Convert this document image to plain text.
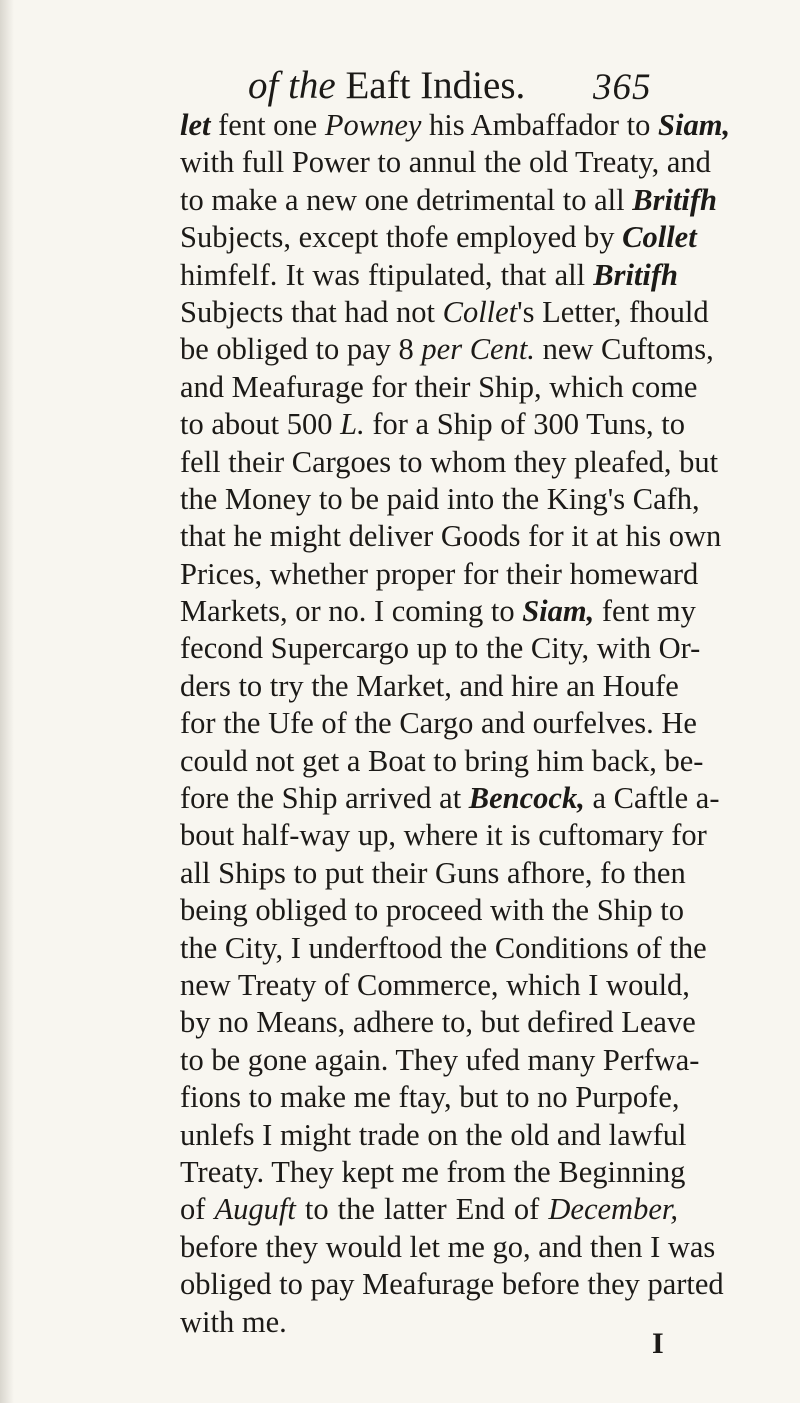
of the Eaft Indies.	365
let fent one Powney his Ambaffador to Siam,
with full Power to annul the old Treaty, and
to make a new one detrimental to all Britifh
Subjects, except thofe employed by Collet
himfelf. It was ftipulated, that all Britifh
Subjects that had not Collet's Letter, fhould
be obliged to pay 8 per Cent. new Cuftoms,
and Meafurage for their Ship, which come
to about 500 L. for a Ship of 300 Tuns, to
fell their Cargoes to whom they pleafed, but
the Money to be paid into the King's Cafh,
that he might deliver Goods for it at his own
Prices, whether proper for their homeward
Markets, or no. I coming to Siam, fent my
fecond Supercargo up to the City, with Or-
ders to try the Market, and hire an Houfe
for the Ufe of the Cargo and ourfelves. He
could not get a Boat to bring him back, be-
fore the Ship arrived at Bencock, a Caftle a-
bout half-way up, where it is cuftomary for
all Ships to put their Guns afhore, fo then
being obliged to proceed with the Ship to
the City, I underftood the Conditions of the
new Treaty of Commerce, which I would,
by no Means, adhere to, but defired Leave
to be gone again. They ufed many Perfwa-
fions to make me ftay, but to no Purpofe,
unlefs I might trade on the old and lawful
Treaty. They kept me from the Beginning
of Auguft to the latter End of December,
before they would let me go, and then I was
obliged to pay Meafurage before they parted
with me.
I
